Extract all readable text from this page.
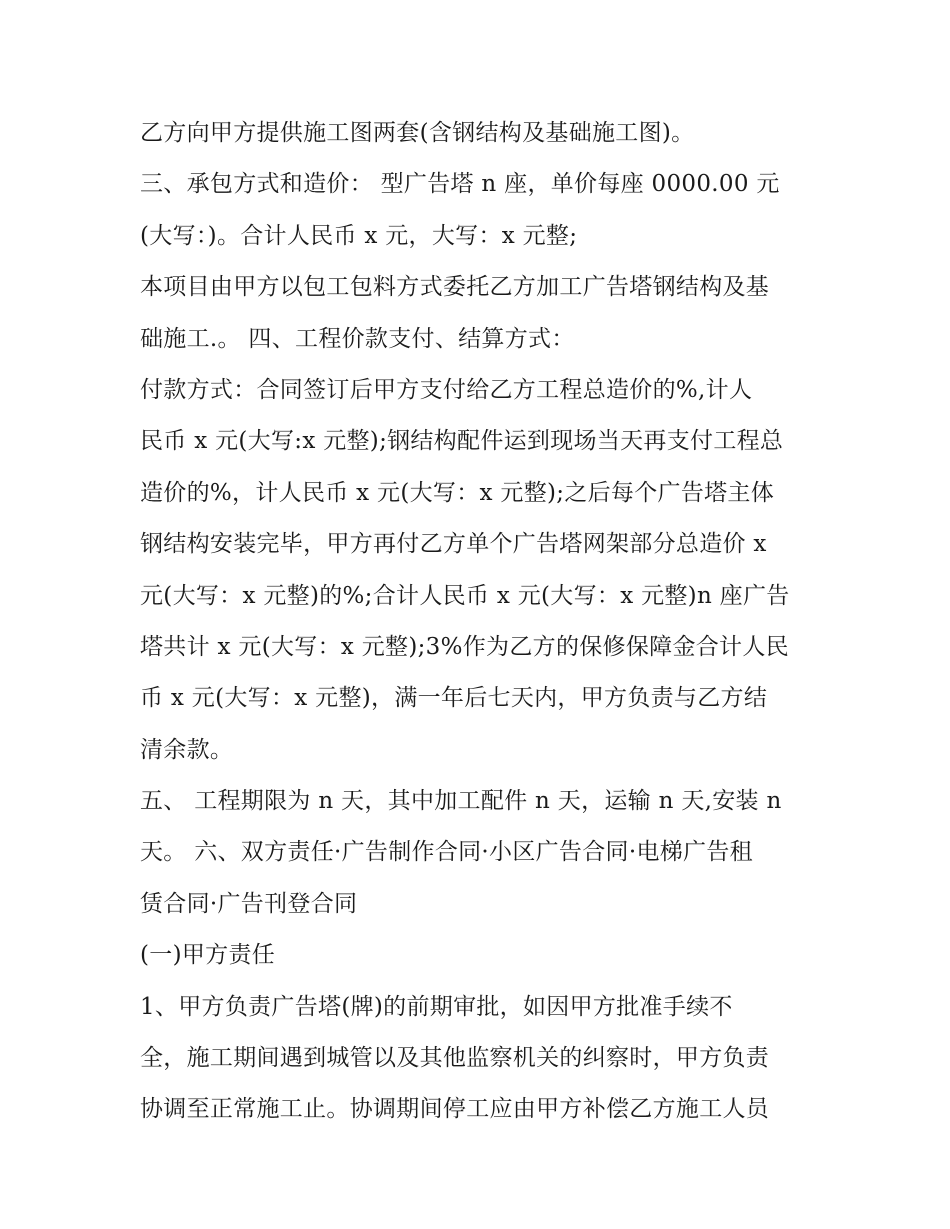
乙方向甲方提供施工图两套(含钢结构及基础施工图)。
三、承包方式和造价： 型广告塔 n 座，单价每座 0000.00 元
(大写：)。合计人民币 x 元，大写：x 元整;
本项目由甲方以包工包料方式委托乙方加工广告塔钢结构及基
础施工.。 四、工程价款支付、结算方式：
付款方式：合同签订后甲方支付给乙方工程总造价的%,计人
民币 x 元(大写:x 元整);钢结构配件运到现场当天再支付工程总
造价的%，计人民币 x 元(大写：x 元整);之后每个广告塔主体
钢结构安装完毕，甲方再付乙方单个广告塔网架部分总造价 x
元(大写：x 元整)的%;合计人民币 x 元(大写：x 元整)n 座广告
塔共计 x 元(大写：x 元整);3%作为乙方的保修保障金合计人民
币 x 元(大写：x 元整)，满一年后七天内，甲方负责与乙方结
清余款。
五、 工程期限为 n 天，其中加工配件 n 天，运输 n 天,安装 n
天。 六、双方责任·广告制作合同·小区广告合同·电梯广告租
赁合同·广告刊登合同
(一)甲方责任
1、甲方负责广告塔(牌)的前期审批，如因甲方批准手续不
全，施工期间遇到城管以及其他监察机关的纠察时，甲方负责
协调至正常施工止。协调期间停工应由甲方补偿乙方施工人员
